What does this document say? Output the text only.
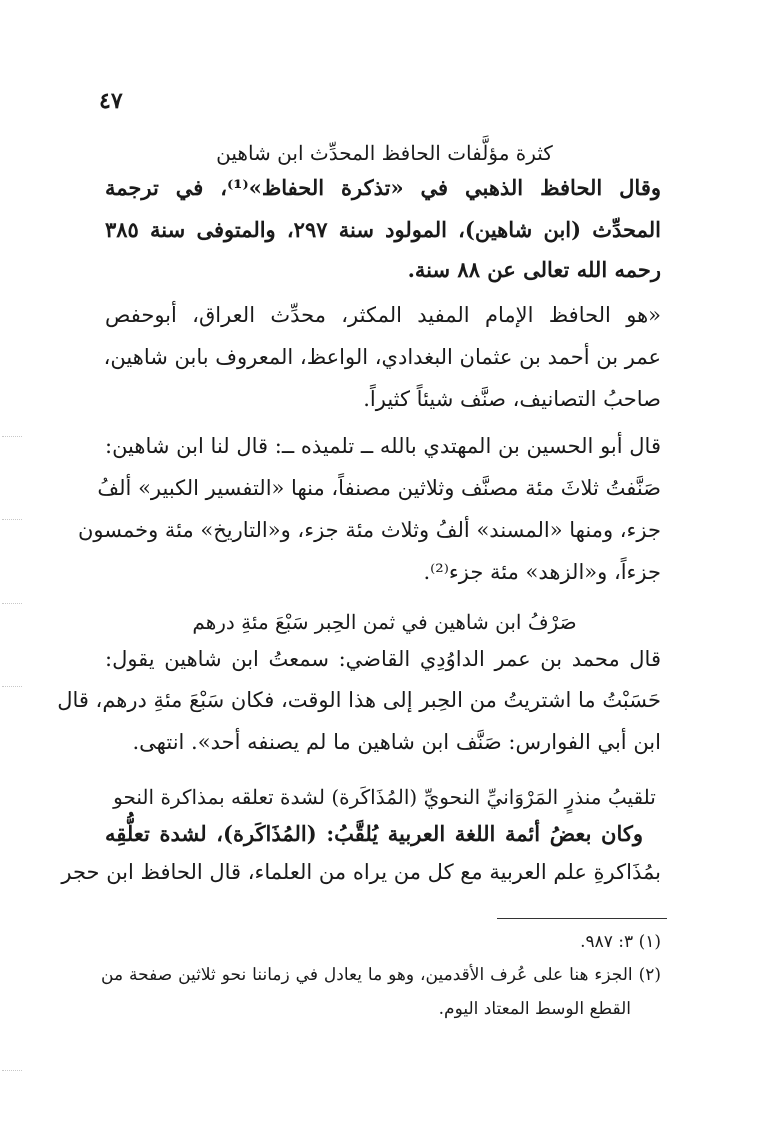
٤٧
كثرة مؤلَّفات الحافظ المحدِّث ابن شاهين
وقال الحافظ الذهبي في «تذكرة الحفاظ»⁽¹⁾، في ترجمة
المحدِّث (ابن شاهين)، المولود سنة ٢٩٧، والمتوفى سنة ٣٨٥
رحمه الله تعالى عن ٨٨ سنة.
«هو الحافظ الإمام المفيد المكثر، محدِّث العراق، أبوحفص
عمر بن أحمد بن عثمان البغدادي، الواعظ، المعروف بابن شاهين،
صاحبُ التصانيف، صنَّف شيئاً كثيراً.
قال أبو الحسين بن المهتدي بالله ــ تلميذه ــ: قال لنا ابن شاهين:
صَنَّفتُ ثلاثَ مئة مصنَّف وثلاثين مصنفاً، منها «التفسير الكبير» ألفُ
جزء، ومنها «المسند» ألفُ وثلاث مئة جزء، و«التاريخ» مئة وخمسون
جزءاً، و«الزهد» مئة جزء⁽²⁾.
صَرْفُ ابن شاهين في ثمن الحِبر سَبْعَ مئةِ درهم
قال محمد بن عمر الداوُدِي القاضي: سمعتُ ابن شاهين يقول:
حَسَبْتُ ما اشتريتُ من الحِبر إلى هذا الوقت، فكان سَبْعَ مئةِ درهم، قال
ابن أبي الفوارس: صَنَّف ابن شاهين ما لم يصنفه أحد». انتهى.
تلقيبُ منذرٍ المَرْوَانيِّ النحويِّ (المُذَاكَرة) لشدة تعلقه بمذاكرة النحو
وكان بعضُ أئمة اللغة العربية يُلقَّبُ: (المُذَاكَرة)، لشدة تعلُّقِه
بمُذَاكرةِ علم العربية مع كل من يراه من العلماء، قال الحافظ ابن حجر
(١) ٣: ٩٨٧.
(٢) الجزء هنا على عُرف الأقدمين، وهو ما يعادل في زماننا نحو ثلاثين صفحة من
القطع الوسط المعتاد اليوم.
